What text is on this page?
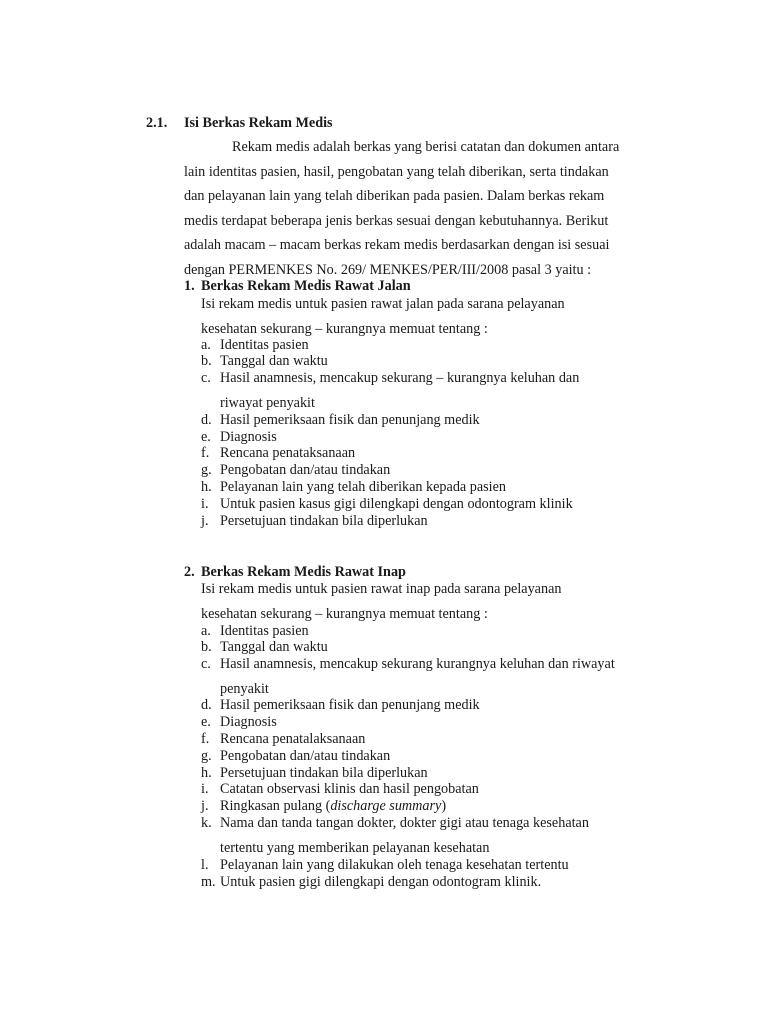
2.1. Isi Berkas Rekam Medis
Rekam medis adalah berkas yang berisi catatan dan dokumen antara
lain identitas pasien, hasil, pengobatan yang telah diberikan, serta tindakan
dan pelayanan lain yang telah diberikan pada pasien. Dalam berkas rekam
medis terdapat beberapa jenis berkas sesuai dengan kebutuhannya. Berikut
adalah macam – macam berkas rekam medis berdasarkan dengan isi sesuai
dengan PERMENKES No. 269/ MENKES/PER/III/2008 pasal 3 yaitu :
1. Berkas Rekam Medis Rawat Jalan
Isi rekam medis untuk pasien rawat jalan pada sarana pelayanan
kesehatan sekurang – kurangnya memuat tentang :
a. Identitas pasien
b. Tanggal dan waktu
c. Hasil anamnesis, mencakup sekurang – kurangnya keluhan dan
riwayat penyakit
d. Hasil pemeriksaan fisik dan penunjang medik
e. Diagnosis
f. Rencana penataksanaan
g. Pengobatan dan/atau tindakan
h. Pelayanan lain yang telah diberikan kepada pasien
i. Untuk pasien kasus gigi dilengkapi dengan odontogram klinik
j. Persetujuan tindakan bila diperlukan
2. Berkas Rekam Medis Rawat Inap
Isi rekam medis untuk pasien rawat inap pada sarana pelayanan
kesehatan sekurang – kurangnya memuat tentang :
a. Identitas pasien
b. Tanggal dan waktu
c. Hasil anamnesis, mencakup sekurang kurangnya keluhan dan riwayat
penyakit
d. Hasil pemeriksaan fisik dan penunjang medik
e. Diagnosis
f. Rencana penatalaksanaan
g. Pengobatan dan/atau tindakan
h. Persetujuan tindakan bila diperlukan
i. Catatan observasi klinis dan hasil pengobatan
j. Ringkasan pulang (discharge summary)
k. Nama dan tanda tangan dokter, dokter gigi atau tenaga kesehatan
tertentu yang memberikan pelayanan kesehatan
l. Pelayanan lain yang dilakukan oleh tenaga kesehatan tertentu
m. Untuk pasien gigi dilengkapi dengan odontogram klinik.
